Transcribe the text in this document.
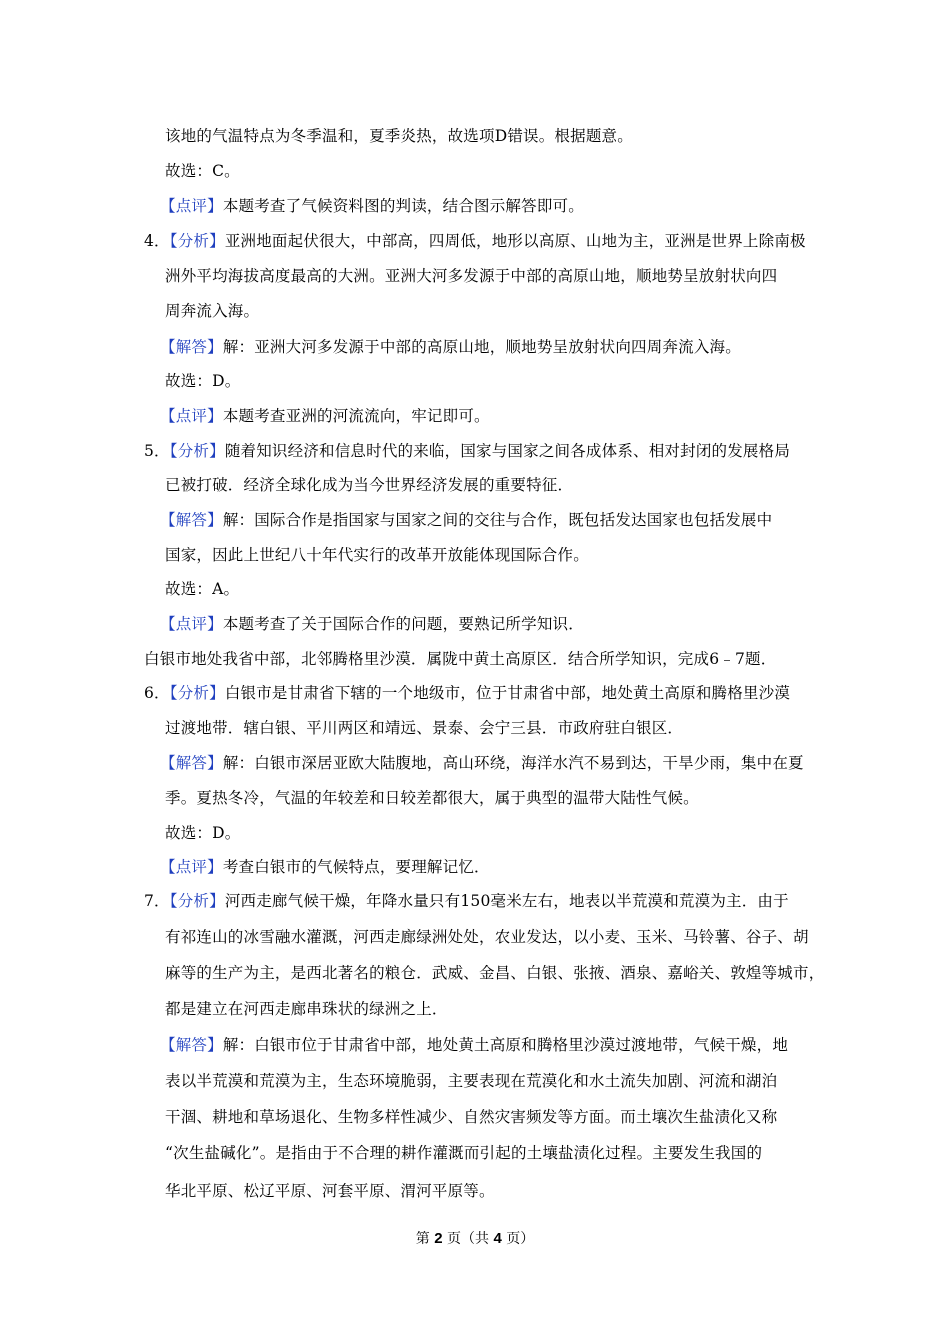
该地的气温特点为冬季温和，夏季炎热，故选项D错误。根据题意。
故选：C。
【点评】本题考查了气候资料图的判读，结合图示解答即可。
4．【分析】亚洲地面起伏很大，中部高，四周低，地形以高原、山地为主，亚洲是世界上除南极
洲外平均海拔高度最高的大洲。亚洲大河多发源于中部的高原山地，顺地势呈放射状向四
周奔流入海。
【解答】解：亚洲大河多发源于中部的高原山地，顺地势呈放射状向四周奔流入海。
故选：D。
【点评】本题考查亚洲的河流流向，牢记即可。
5．【分析】随着知识经济和信息时代的来临，国家与国家之间各成体系、相对封闭的发展格局
已被打破．经济全球化成为当今世界经济发展的重要特征．
【解答】解：国际合作是指国家与国家之间的交往与合作，既包括发达国家也包括发展中
国家，因此上世纪八十年代实行的改革开放能体现国际合作。
故选：A。
【点评】本题考查了关于国际合作的问题，要熟记所学知识．
白银市地处我省中部，北邻腾格里沙漠．属陇中黄土高原区．结合所学知识，完成6﹣7题．
6．【分析】白银市是甘肃省下辖的一个地级市，位于甘肃省中部，地处黄土高原和腾格里沙漠
过渡地带．辖白银、平川两区和靖远、景泰、会宁三县．市政府驻白银区．
【解答】解：白银市深居亚欧大陆腹地，高山环绕，海洋水汽不易到达，干旱少雨，集中在夏
季。夏热冬冷，气温的年较差和日较差都很大，属于典型的温带大陆性气候。
故选：D。
【点评】考查白银市的气候特点，要理解记忆．
7．【分析】河西走廊气候干燥，年降水量只有150毫米左右，地表以半荒漠和荒漠为主．由于
有祁连山的冰雪融水灌溉，河西走廊绿洲处处，农业发达，以小麦、玉米、马铃薯、谷子、胡
麻等的生产为主，是西北著名的粮仓．武威、金昌、白银、张掖、酒泉、嘉峪关、敦煌等城市，
都是建立在河西走廊串珠状的绿洲之上．
【解答】解：白银市位于甘肃省中部，地处黄土高原和腾格里沙漠过渡地带，气候干燥，地
表以半荒漠和荒漠为主，生态环境脆弱，主要表现在荒漠化和水土流失加剧、河流和湖泊
干涸、耕地和草场退化、生物多样性减少、自然灾害频发等方面。而土壤次生盐渍化又称
“次生盐碱化”。是指由于不合理的耕作灌溉而引起的土壤盐渍化过程。主要发生我国的
华北平原、松辽平原、河套平原、渭河平原等。
第 2 页（共 4 页）
